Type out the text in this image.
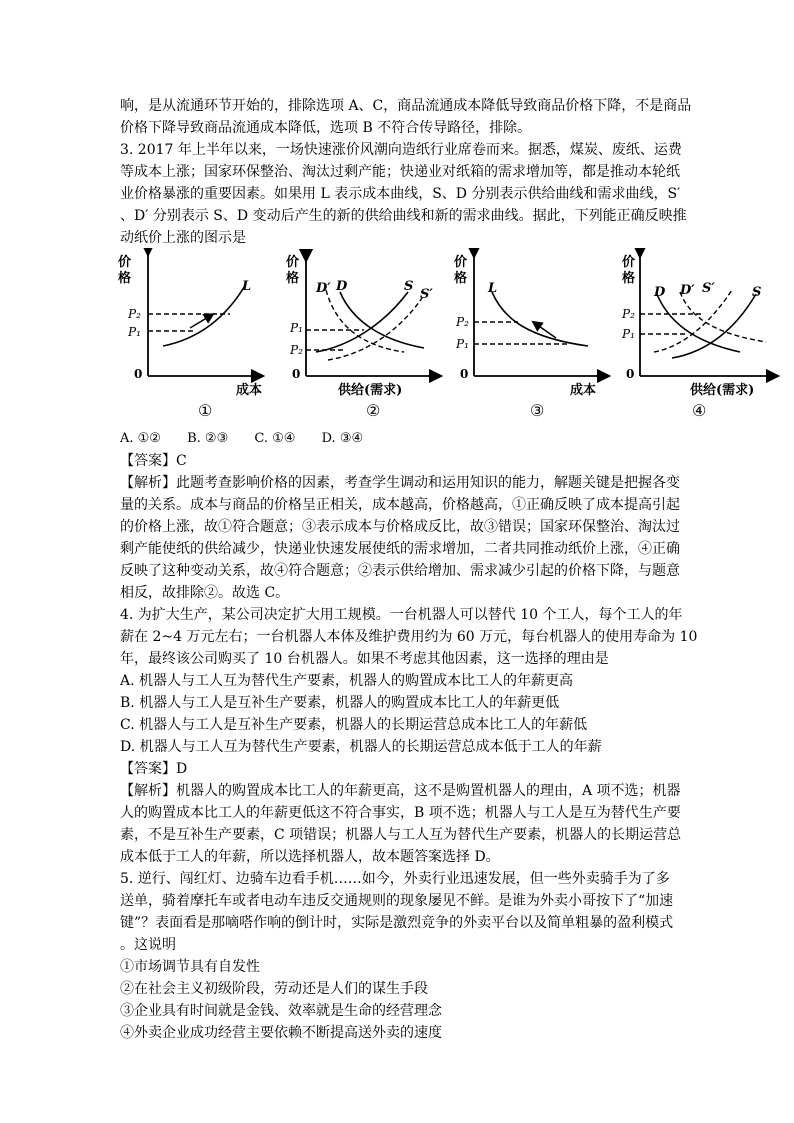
响，是从流通环节开始的，排除选项 A、C，商品流通成本降低导致商品价格下降，不是商品
价格下降导致商品流通成本降低，选项 B 不符合传导路径，排除。
3. 2017 年上半年以来，一场快速涨价风潮向造纸行业席卷而来。据悉，煤炭、废纸、运费
等成本上涨；国家环保整治、淘汰过剩产能；快递业对纸箱的需求增加等，都是推动本轮纸
业价格暴涨的重要因素。如果用 L 表示成本曲线，S、D 分别表示供给曲线和需求曲线，S′
、D′ 分别表示 S、D 变动后产生的新的供给曲线和新的需求曲线。据此，下列能正确反映推
动纸价上涨的图示是
价
格
0
成本
P₂
P₁
L
①
价
格
0
供给(需求)
P₁
P₂
D′ D	S
S′
②
价
格
0
成本
P₂
P₁
L
③
价
格
0
供给(需求)
P₂
P₁
D D′ S′	S
④
A. ①② B. ②③ C. ①④ D. ③④
【答案】C
【解析】此题考查影响价格的因素，考查学生调动和运用知识的能力，解题关键是把握各变
量的关系。成本与商品的价格呈正相关，成本越高，价格越高，①正确反映了成本提高引起
的价格上涨，故①符合题意；③表示成本与价格成反比，故③错误；国家环保整治、淘汰过
剩产能使纸的供给减少，快递业快速发展使纸的需求增加，二者共同推动纸价上涨，④正确
反映了这种变动关系，故④符合题意；②表示供给增加、需求减少引起的价格下降，与题意
相反，故排除②。故选 C。
4. 为扩大生产，某公司决定扩大用工规模。一台机器人可以替代 10 个工人，每个工人的年
薪在 2~4 万元左右；一台机器人本体及维护费用约为 60 万元，每台机器人的使用寿命为 10
年，最终该公司购买了 10 台机器人。如果不考虑其他因素，这一选择的理由是
A. 机器人与工人互为替代生产要素，机器人的购置成本比工人的年薪更高
B. 机器人与工人是互补生产要素，机器人的购置成本比工人的年薪更低
C. 机器人与工人是互补生产要素，机器人的长期运营总成本比工人的年薪低
D. 机器人与工人互为替代生产要素，机器人的长期运营总成本低于工人的年薪
【答案】D
【解析】机器人的购置成本比工人的年薪更高，这不是购置机器人的理由，A 项不选；机器
人的购置成本比工人的年薪更低这不符合事实，B 项不选；机器人与工人是互为替代生产要
素，不是互补生产要素，C 项错误；机器人与工人互为替代生产要素，机器人的长期运营总
成本低于工人的年薪，所以选择机器人，故本题答案选择 D。
5. 逆行、闯红灯、边骑车边看手机……如今，外卖行业迅速发展，但一些外卖骑手为了多
送单，骑着摩托车或者电动车违反交通规则的现象屡见不鲜。是谁为外卖小哥按下了“加速
键”？表面看是那嘀嗒作响的倒计时，实际是激烈竞争的外卖平台以及简单粗暴的盈利模式
。这说明
①市场调节具有自发性
②在社会主义初级阶段，劳动还是人们的谋生手段
③企业具有时间就是金钱、效率就是生命的经营理念
④外卖企业成功经营主要依赖不断提高送外卖的速度
